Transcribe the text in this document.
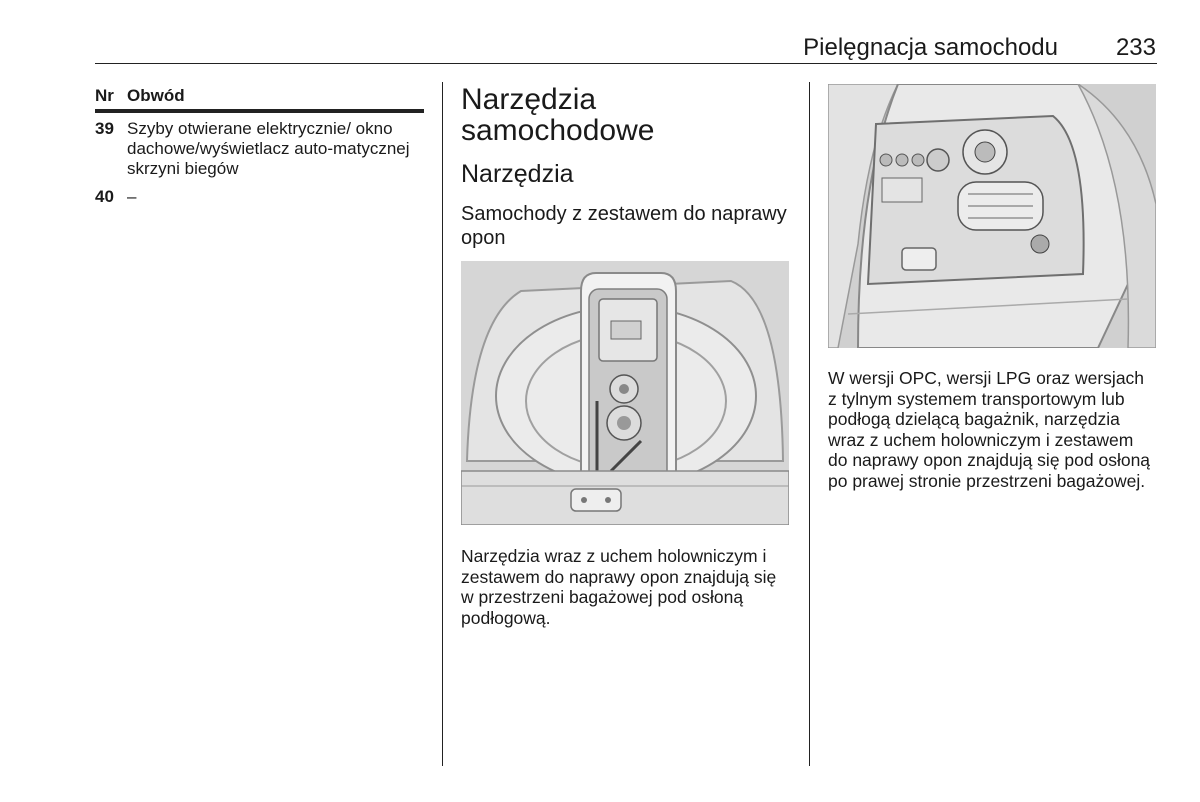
Pielęgnacja samochodu 233
Nr Obwód
39 Szyby otwierane elektrycznie/ okno dachowe/wyświetlacz auto-matycznej skrzyni biegów
40 –
Narzędzia samochodowe
Narzędzia
Samochody z zestawem do naprawy opon

Narzędzia wraz z uchem holowniczym i zestawem do naprawy opon znajdują się w przestrzeni bagażowej pod osłoną podłogową.

W wersji OPC, wersji LPG oraz wersjach z tylnym systemem transportowym lub podłogą dzielącą bagażnik, narzędzia wraz z uchem holowniczym i zestawem do naprawy opon znajdują się pod osłoną po prawej stronie przestrzeni bagażowej.
